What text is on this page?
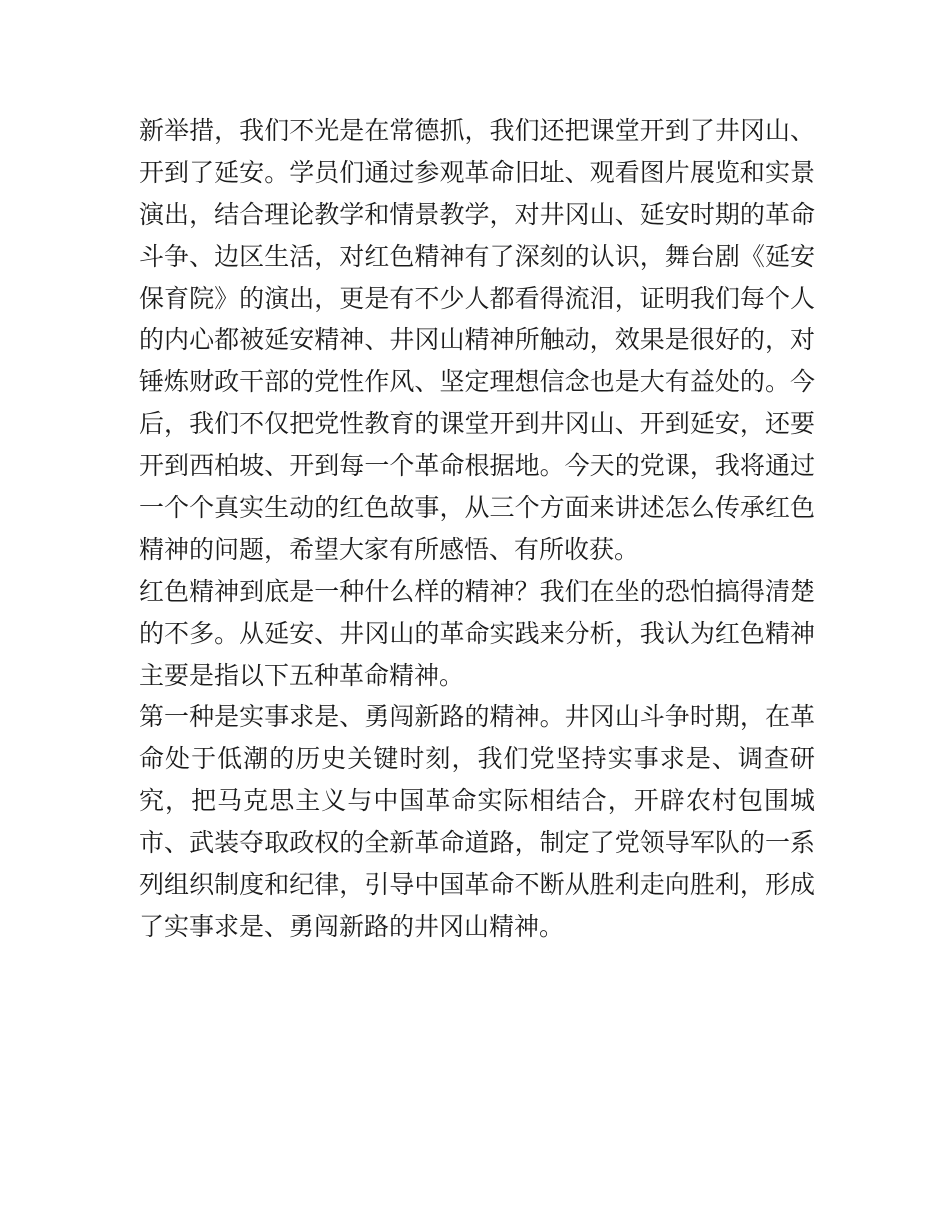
新举措，我们不光是在常德抓，我们还把课堂开到了井冈山、
开到了延安。学员们通过参观革命旧址、观看图片展览和实景
演出，结合理论教学和情景教学，对井冈山、延安时期的革命
斗争、边区生活，对红色精神有了深刻的认识，舞台剧《延安
保育院》的演出，更是有不少人都看得流泪，证明我们每个人
的内心都被延安精神、井冈山精神所触动，效果是很好的，对
锤炼财政干部的党性作风、坚定理想信念也是大有益处的。今
后，我们不仅把党性教育的课堂开到井冈山、开到延安，还要
开到西柏坡、开到每一个革命根据地。今天的党课，我将通过
一个个真实生动的红色故事，从三个方面来讲述怎么传承红色
精神的问题，希望大家有所感悟、有所收获。
红色精神到底是一种什么样的精神？我们在坐的恐怕搞得清楚
的不多。从延安、井冈山的革命实践来分析，我认为红色精神
主要是指以下五种革命精神。
第一种是实事求是、勇闯新路的精神。井冈山斗争时期，在革
命处于低潮的历史关键时刻，我们党坚持实事求是、调查研
究，把马克思主义与中国革命实际相结合，开辟农村包围城
市、武装夺取政权的全新革命道路，制定了党领导军队的一系
列组织制度和纪律，引导中国革命不断从胜利走向胜利，形成
了实事求是、勇闯新路的井冈山精神。
